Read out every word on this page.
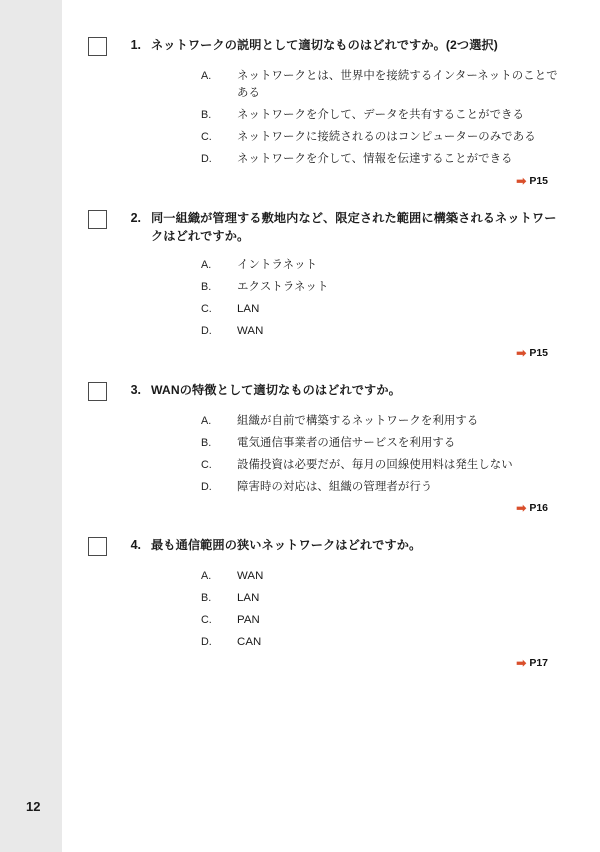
1. ネットワークの説明として適切なものはどれですか。(2つ選択)
A.	ネットワークとは、世界中を接続するインターネットのことである
B.	ネットワークを介して、データを共有することができる
C.	ネットワークに接続されるのはコンピューターのみである
D.	ネットワークを介して、情報を伝達することができる
➡ P15
2. 同一組織が管理する敷地内など、限定された範囲に構築されるネットワークはどれですか。
A.	イントラネット
B.	エクストラネット
C.	LAN
D.	WAN
➡ P15
3. WANの特徴として適切なものはどれですか。
A.	組織が自前で構築するネットワークを利用する
B.	電気通信事業者の通信サービスを利用する
C.	設備投資は必要だが、毎月の回線使用料は発生しない
D.	障害時の対応は、組織の管理者が行う
➡ P16
4. 最も通信範囲の狭いネットワークはどれですか。
A.	WAN
B.	LAN
C.	PAN
D.	CAN
➡ P17
12
